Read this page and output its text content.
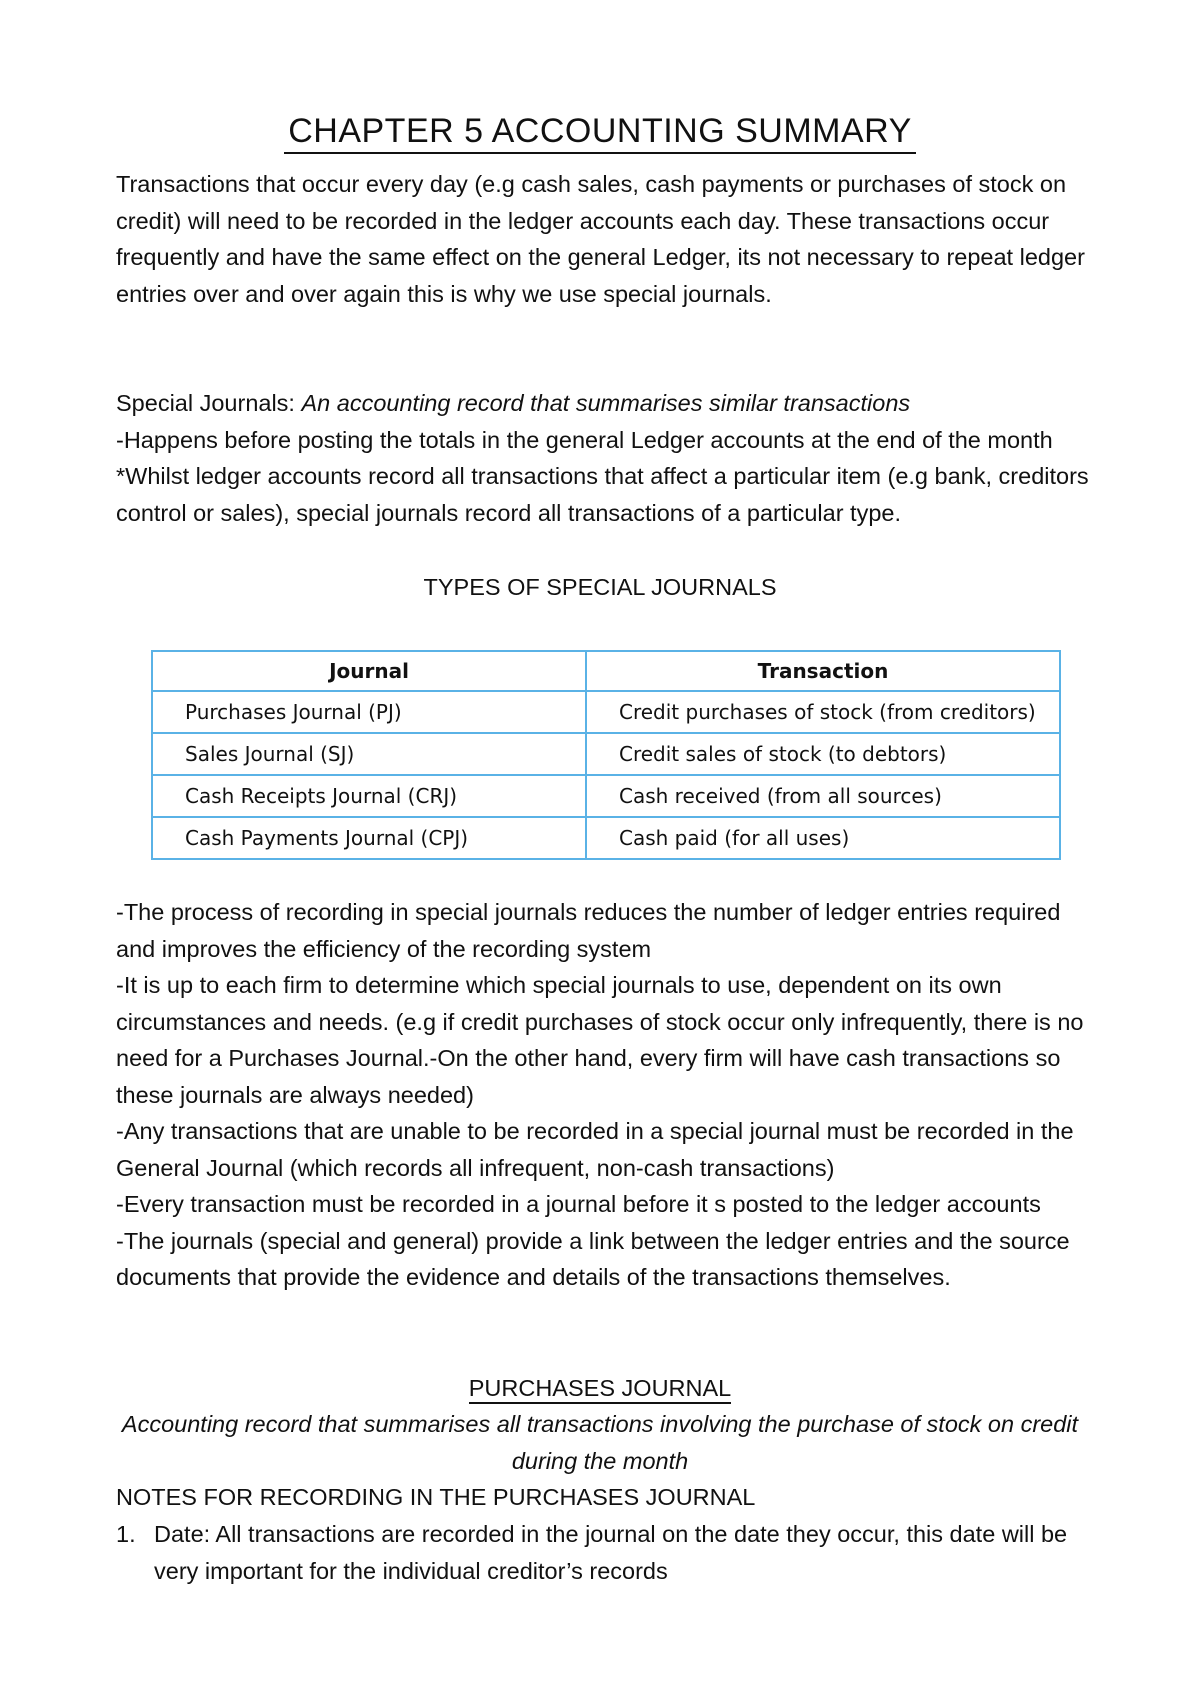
CHAPTER 5 ACCOUNTING SUMMARY

Transactions that occur every day (e.g cash sales, cash payments or purchases of stock on credit) will need to be recorded in the ledger accounts each day. These transactions occur frequently and have the same effect on the general Ledger, its not necessary to repeat ledger entries over and over again this is why we use special journals.

Special Journals: An accounting record that summarises similar transactions
-Happens before posting the totals in the general Ledger accounts at the end of the month
*Whilst ledger accounts record all transactions that affect a particular item (e.g bank, creditors control or sales), special journals record all transactions of a particular type.
TYPES OF SPECIAL JOURNALS
Journal	Transaction
Purchases Journal (PJ)	Credit purchases of stock (from creditors)
Sales Journal (SJ)	Credit sales of stock (to debtors)
Cash Receipts Journal (CRJ)	Cash received (from all sources)
Cash Payments Journal (CPJ)	Cash paid (for all uses)
-The process of recording in special journals reduces the number of ledger entries required and improves the efficiency of the recording system
-It is up to each firm to determine which special journals to use, dependent on its own circumstances and needs. (e.g if credit purchases of stock occur only infrequently, there is no need for a Purchases Journal.-On the other hand, every firm will have cash transactions so these journals are always needed)
-Any transactions that are unable to be recorded in a special journal must be recorded in the General Journal (which records all infrequent, non-cash transactions)
-Every transaction must be recorded in a journal before it s posted to the ledger accounts
-The journals (special and general) provide a link between the ledger entries and the source documents that provide the evidence and details of the transactions themselves.
PURCHASES JOURNAL
Accounting record that summarises all transactions involving the purchase of stock on credit during the month
NOTES FOR RECORDING IN THE PURCHASES JOURNAL
1. Date: All transactions are recorded in the journal on the date they occur, this date will be very important for the individual creditor’s records
